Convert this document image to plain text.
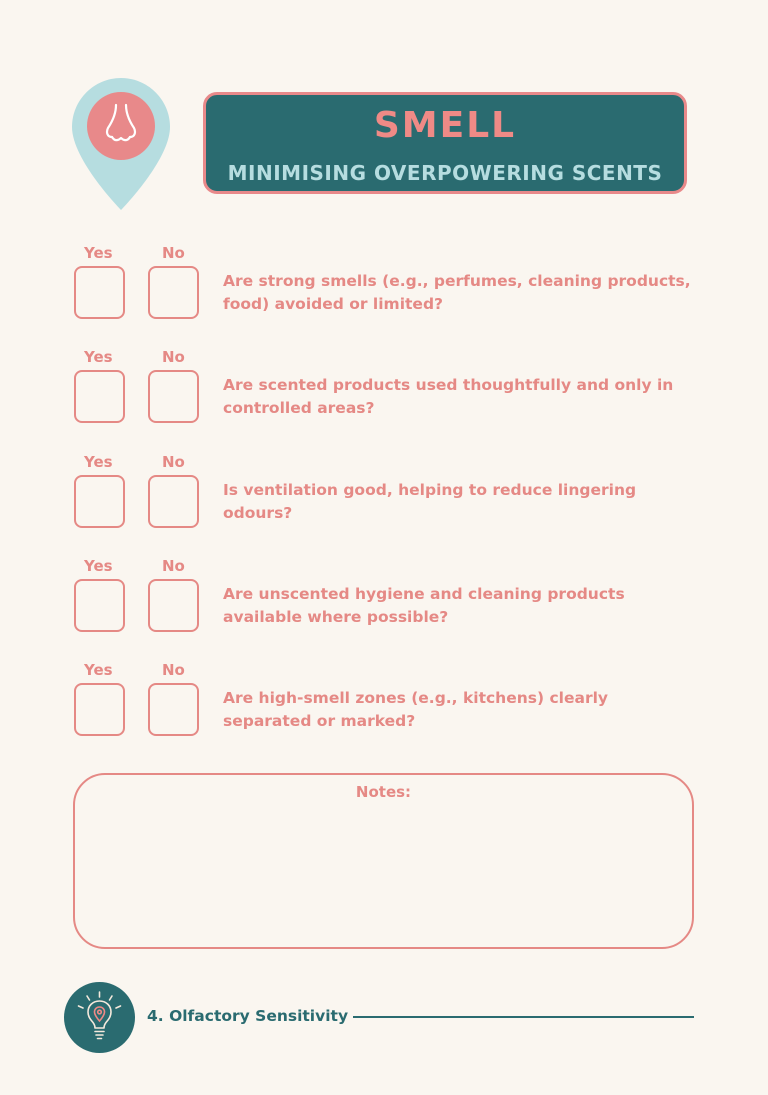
SMELL
MINIMISING OVERPOWERING SCENTS
Yes	No
Are strong smells (e.g., perfumes, cleaning products, food) avoided or limited?
Yes	No
Are scented products used thoughtfully and only in controlled areas?
Yes	No
Is ventilation good, helping to reduce lingering odours?
Yes	No
Are unscented hygiene and cleaning products available where possible?
Yes	No
Are high-smell zones (e.g., kitchens) clearly separated or marked?
Notes:
4. Olfactory Sensitivity
